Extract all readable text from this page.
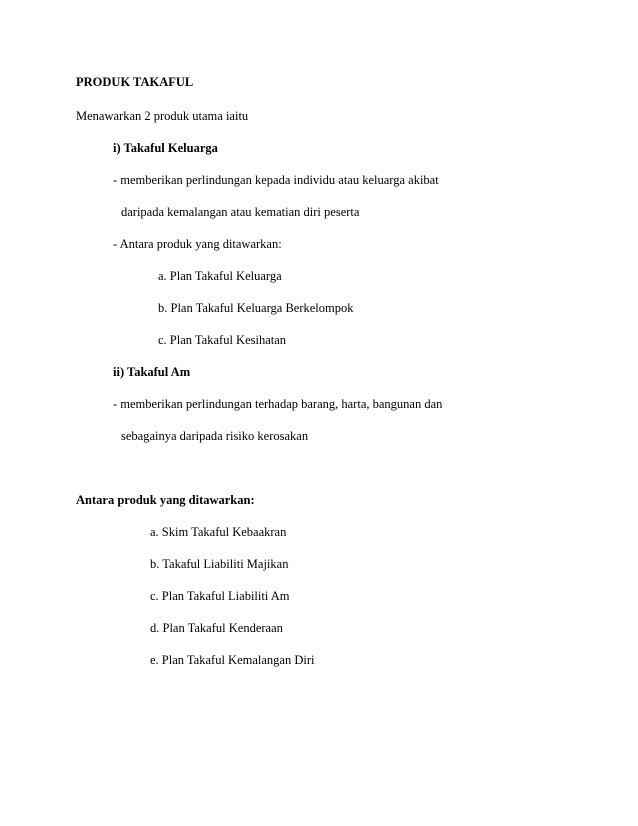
PRODUK TAKAFUL
Menawarkan 2 produk utama iaitu
i) Takaful Keluarga
- memberikan perlindungan kepada individu atau keluarga akibat
daripada kemalangan atau kematian diri peserta
- Antara produk yang ditawarkan:
a. Plan Takaful Keluarga
b. Plan Takaful Keluarga Berkelompok
c. Plan Takaful Kesihatan
ii) Takaful Am
- memberikan perlindungan terhadap barang, harta, bangunan dan
sebagainya daripada risiko kerosakan
Antara produk yang ditawarkan:
a. Skim Takaful Kebaakran
b. Takaful Liabiliti Majikan
c. Plan Takaful Liabiliti Am
d. Plan Takaful Kenderaan
e. Plan Takaful Kemalangan Diri
